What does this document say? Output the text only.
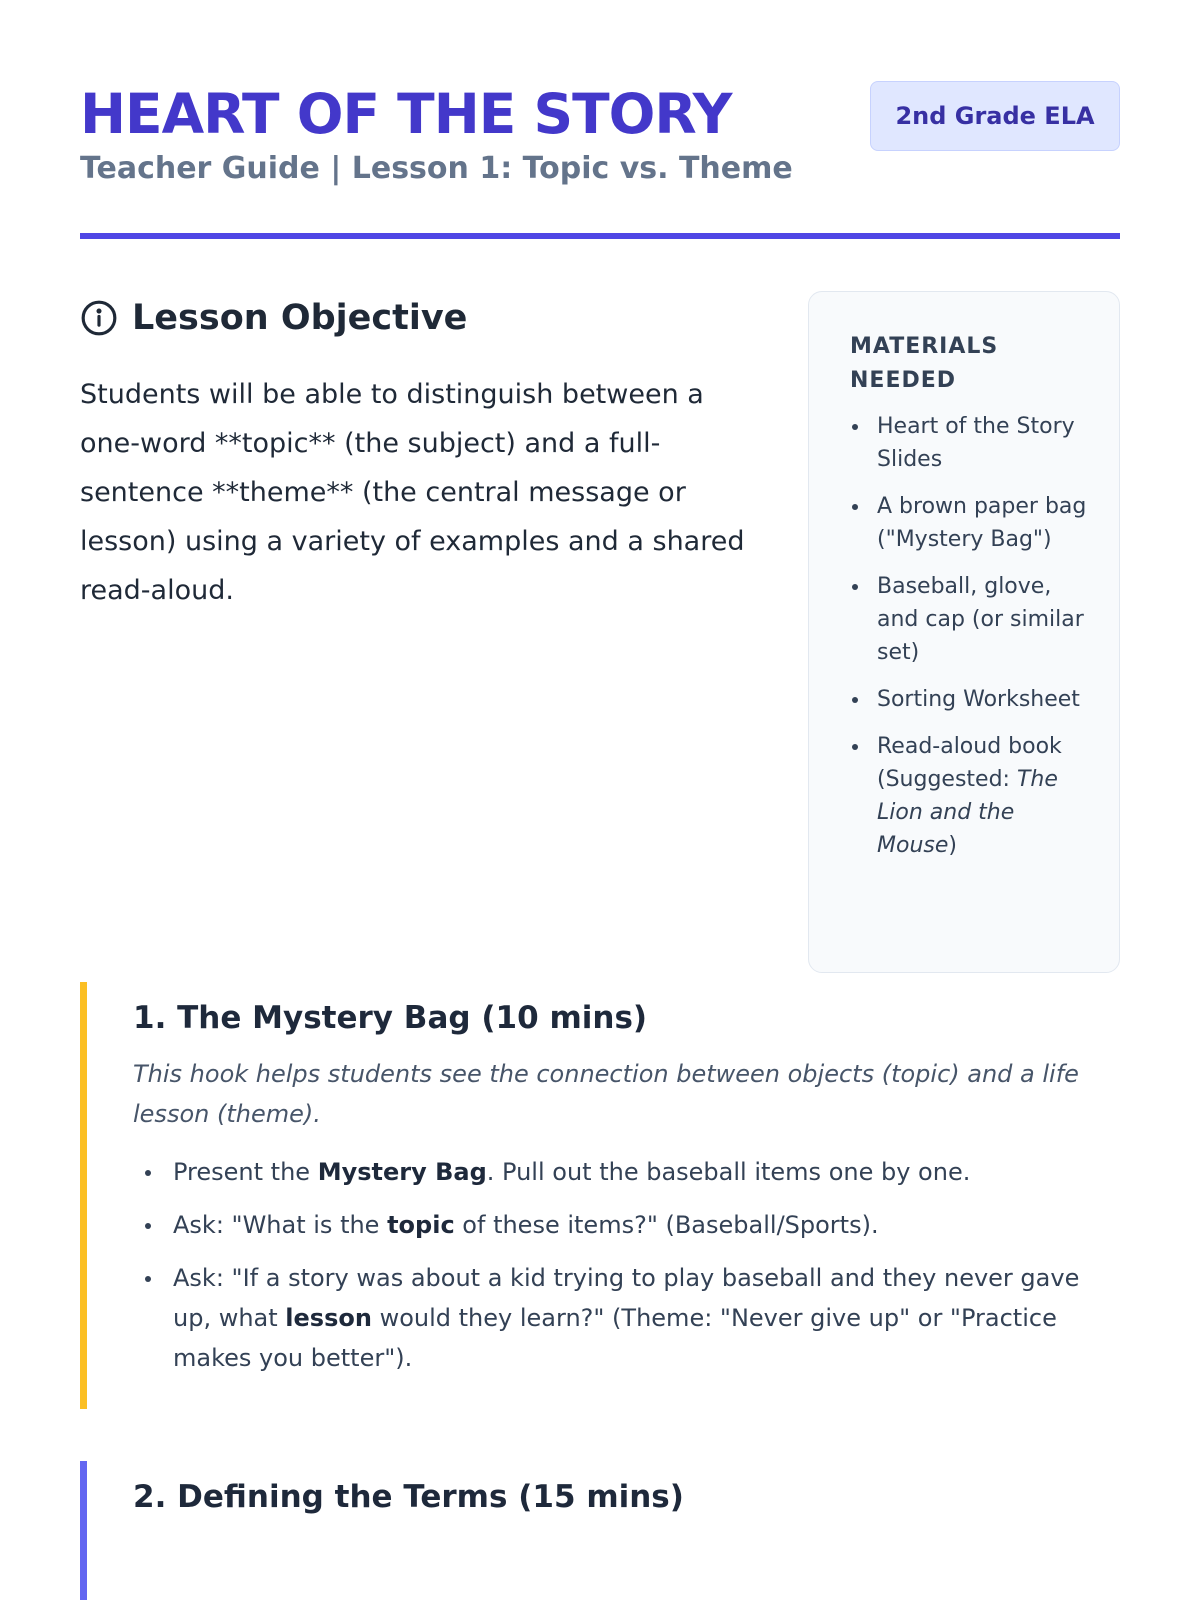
HEART OF THE STORY
Teacher Guide | Lesson 1: Topic vs. Theme
2nd Grade ELA
Lesson Objective

Students will be able to distinguish between a one-word **topic** (the subject) and a full-sentence **theme** (the central message or lesson) using a variety of examples and a shared read-aloud.

MATERIALS NEEDED
Heart of the Story Slides
A brown paper bag ("Mystery Bag")
Baseball, glove, and cap (or similar set)
Sorting Worksheet
Read-aloud book (Suggested: The Lion and the Mouse)
1. The Mystery Bag (10 mins)

This hook helps students see the connection between objects (topic) and a life lesson (theme).

Present the Mystery Bag. Pull out the baseball items one by one.
Ask: "What is the topic of these items?" (Baseball/Sports).
Ask: "If a story was about a kid trying to play baseball and they never gave up, what lesson would they learn?" (Theme: "Never give up" or "Practice makes you better").
2. Defining the Terms (15 mins)
